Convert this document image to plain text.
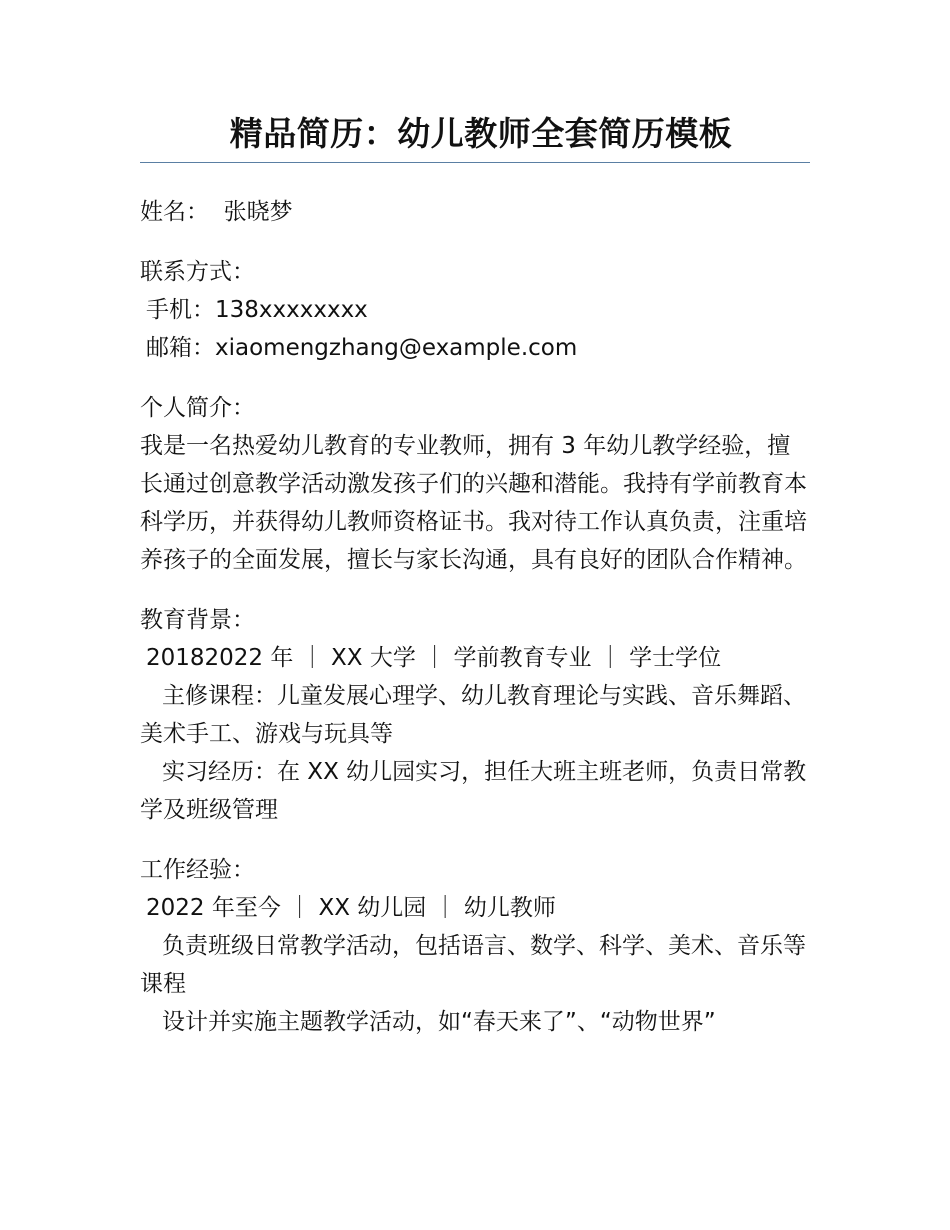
精品简历：幼儿教师全套简历模板

姓名：  张晓梦

联系方式：

手机：138xxxxxxxx

邮箱：xiaomengzhang@example.com

个人简介：

我是一名热爱幼儿教育的专业教师，拥有 3 年幼儿教学经验，擅长通过创意教学活动激发孩子们的兴趣和潜能。我持有学前教育本科学历，并获得幼儿教师资格证书。我对待工作认真负责，注重培养孩子的全面发展，擅长与家长沟通，具有良好的团队合作精神。

教育背景：

20182022 年 ｜ XX 大学 ｜ 学前教育专业 ｜ 学士学位

主修课程：儿童发展心理学、幼儿教育理论与实践、音乐舞蹈、美术手工、游戏与玩具等

实习经历：在 XX 幼儿园实习，担任大班主班老师，负责日常教学及班级管理

工作经验：

2022 年至今 ｜ XX 幼儿园 ｜ 幼儿教师

负责班级日常教学活动，包括语言、数学、科学、美术、音乐等课程

设计并实施主题教学活动，如“春天来了”、“动物世界”
